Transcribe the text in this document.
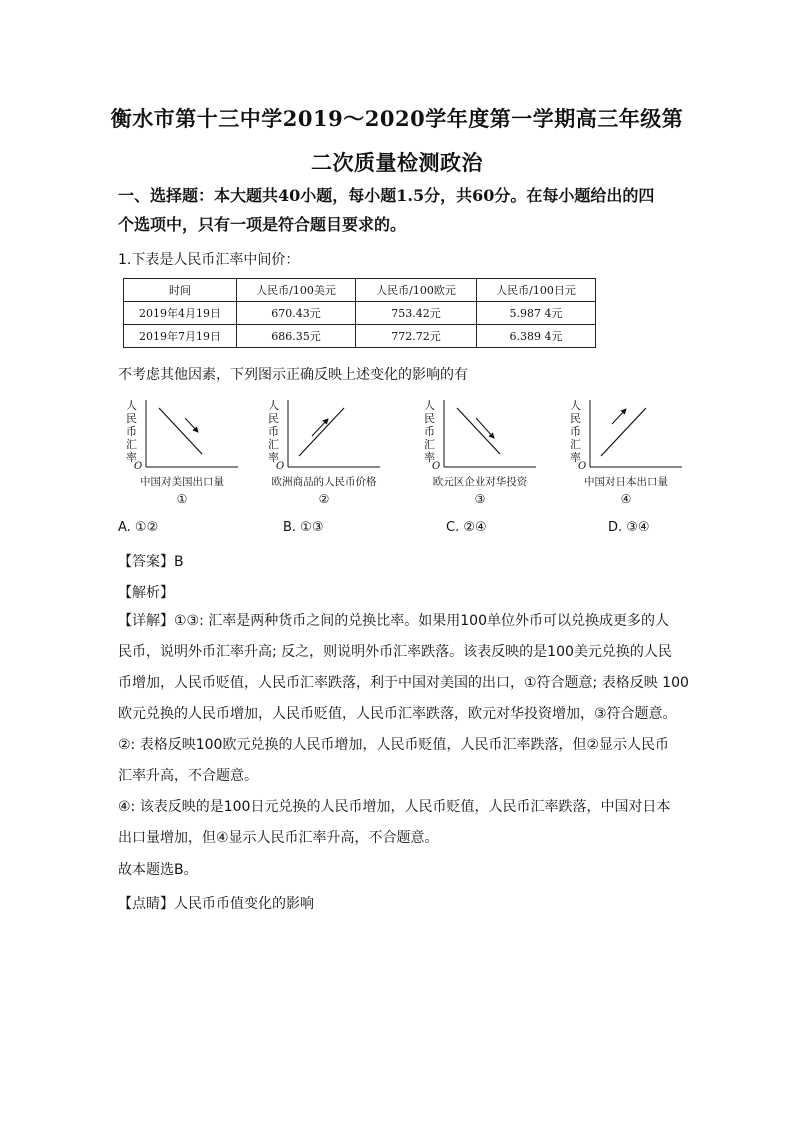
衡水市第十三中学2019～2020学年度第一学期高三年级第
二次质量检测政治
一、选择题：本大题共40小题，每小题1.5分，共60分。在每小题给出的四
个选项中，只有一项是符合题目要求的。
1.下表是人民币汇率中间价：
时间	人民币/100美元	人民币/100欧元	人民币/100日元
2019年4月19日	670.43元	753.42元	5.987 4元
2019年7月19日	686.35元	772.72元	6.389 4元
不考虑其他因素，下列图示正确反映上述变化的影响的有
人
民
币
汇
率
O
中国对美国出口量
①
人
民
币
汇
率
O
欧洲商品的人民币价格
②
人
民
币
汇
率
O
欧元区企业对华投资
③
人
民
币
汇
率
O
中国对日本出口量
④
A. ①②	B. ①③	C. ②④	D. ③④
【答案】B
【解析】
【详解】①③: 汇率是两种货币之间的兑换比率。如果用100单位外币可以兑换成更多的人
民币，说明外币汇率升高; 反之，则说明外币汇率跌落。该表反映的是100美元兑换的人民
币增加，人民币贬值，人民币汇率跌落，利于中国对美国的出口，①符合题意; 表格反映 100
欧元兑换的人民币增加，人民币贬值，人民币汇率跌落，欧元对华投资增加，③符合题意。
②: 表格反映100欧元兑换的人民币增加，人民币贬值，人民币汇率跌落，但②显示人民币
汇率升高，不合题意。
④: 该表反映的是100日元兑换的人民币增加，人民币贬值，人民币汇率跌落，中国对日本
出口量增加，但④显示人民币汇率升高，不合题意。
故本题选B。
【点睛】人民币币值变化的影响
